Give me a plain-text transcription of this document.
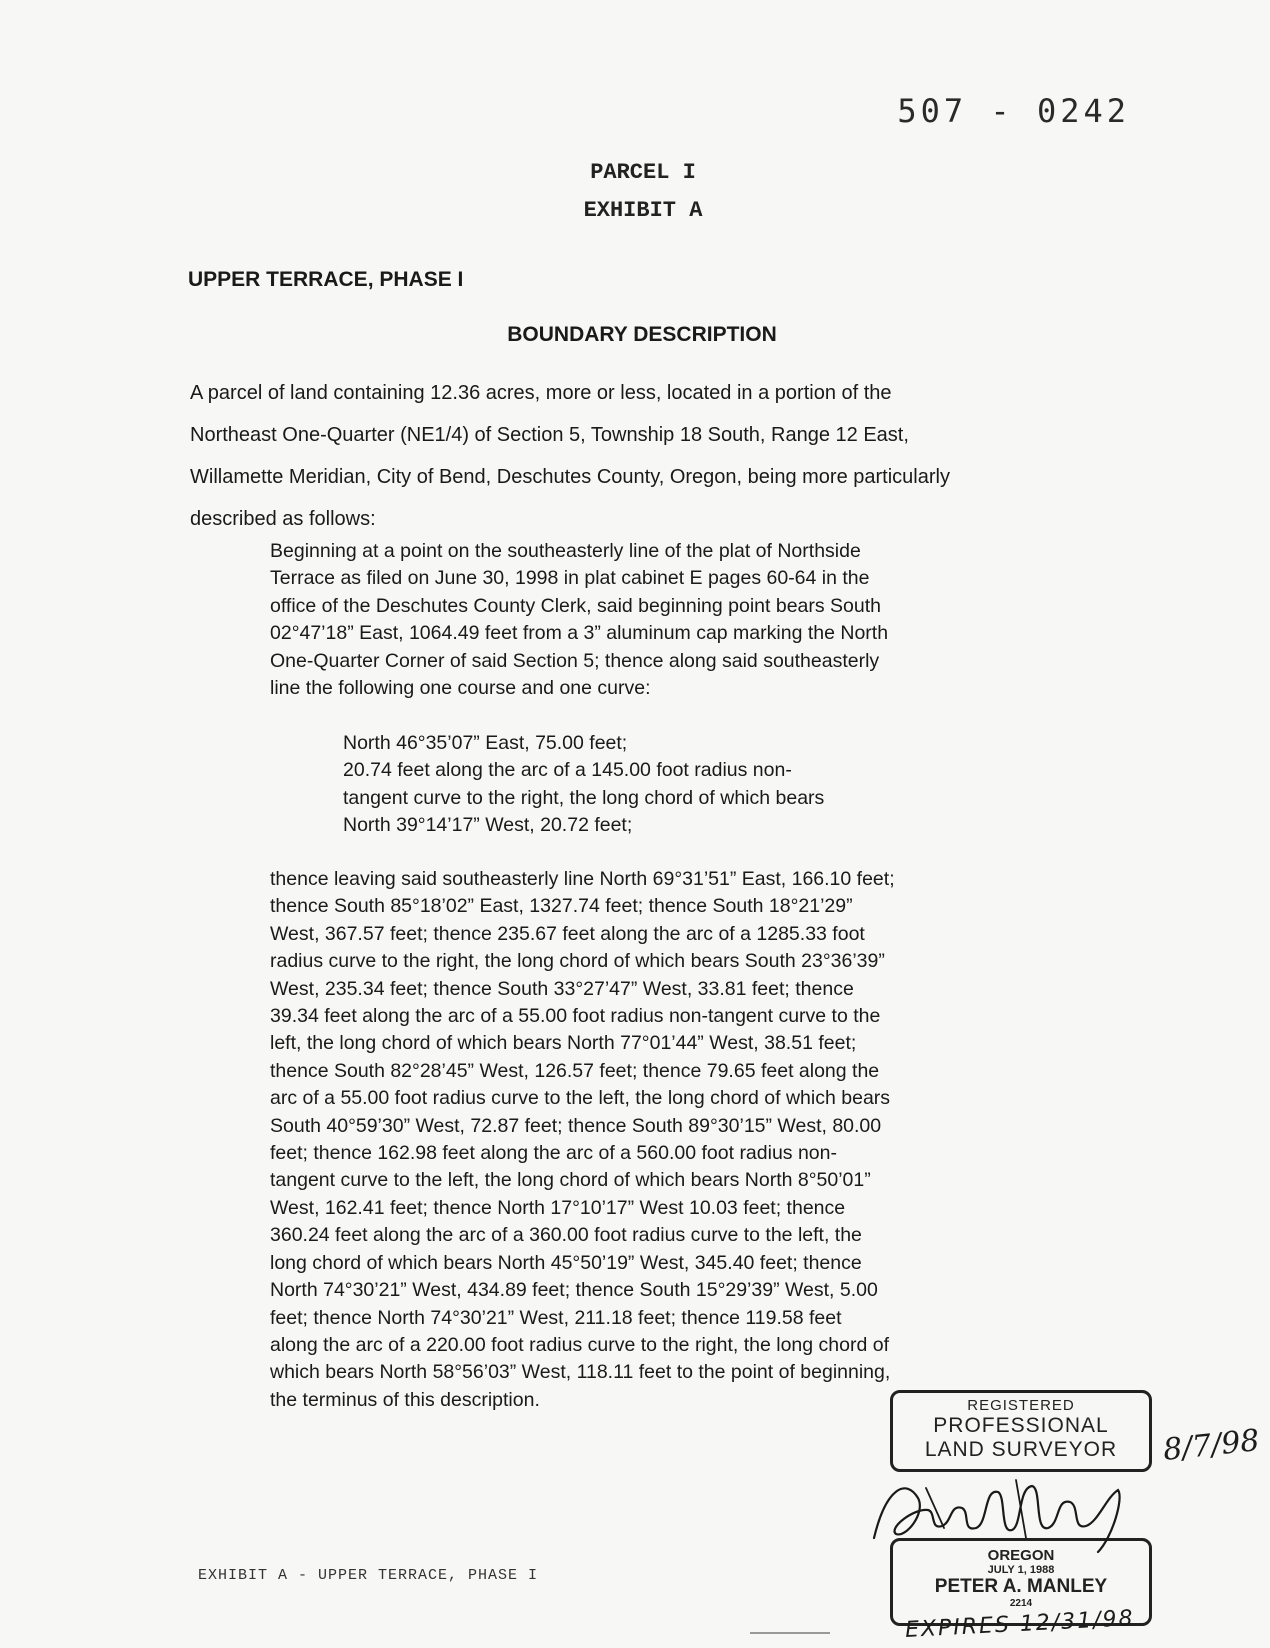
507 - 0242
PARCEL I
EXHIBIT A
UPPER TERRACE, PHASE I
BOUNDARY DESCRIPTION
A parcel of land containing 12.36 acres, more or less, located in a portion of the
Northeast One-Quarter (NE1/4) of Section 5, Township 18 South, Range 12 East,
Willamette Meridian, City of Bend, Deschutes County, Oregon, being more particularly
described as follows:
Beginning at a point on the southeasterly line of the plat of Northside
Terrace as filed on June 30, 1998 in plat cabinet E pages 60-64 in the
office of the Deschutes County Clerk, said beginning point bears South
02°47’18” East, 1064.49 feet from a 3” aluminum cap marking the North
One-Quarter Corner of said Section 5; thence along said southeasterly
line the following one course and one curve:
North 46°35’07” East, 75.00 feet;
20.74 feet along the arc of a 145.00 foot radius non-
tangent curve to the right, the long chord of which bears
North 39°14’17” West, 20.72 feet;
thence leaving said southeasterly line North 69°31’51” East, 166.10 feet;
thence South 85°18’02” East, 1327.74 feet; thence South 18°21’29”
West, 367.57 feet; thence 235.67 feet along the arc of a 1285.33 foot
radius curve to the right, the long chord of which bears South 23°36’39”
West, 235.34 feet; thence South 33°27’47” West, 33.81 feet; thence
39.34 feet along the arc of a 55.00 foot radius non-tangent curve to the
left, the long chord of which bears North 77°01’44” West, 38.51 feet;
thence South 82°28’45” West, 126.57 feet; thence 79.65 feet along the
arc of a 55.00 foot radius curve to the left, the long chord of which bears
South 40°59’30” West, 72.87 feet; thence South 89°30’15” West, 80.00
feet; thence 162.98 feet along the arc of a 560.00 foot radius non-
tangent curve to the left, the long chord of which bears North 8°50’01”
West, 162.41 feet; thence North 17°10’17” West 10.03 feet; thence
360.24 feet along the arc of a 360.00 foot radius curve to the left, the
long chord of which bears North 45°50’19” West, 345.40 feet; thence
North 74°30’21” West, 434.89 feet; thence South 15°29’39” West, 5.00
feet; thence North 74°30’21” West, 211.18 feet; thence 119.58 feet
along the arc of a 220.00 foot radius curve to the right, the long chord of
which bears North 58°56’03” West, 118.11 feet to the point of beginning,
the terminus of this description.
EXHIBIT A - UPPER TERRACE, PHASE I
REGISTERED
PROFESSIONAL
LAND SURVEYOR
OREGON
JULY 1, 1988
PETER A. MANLEY
2214
8/7/98
EXPIRES 12/31/98
